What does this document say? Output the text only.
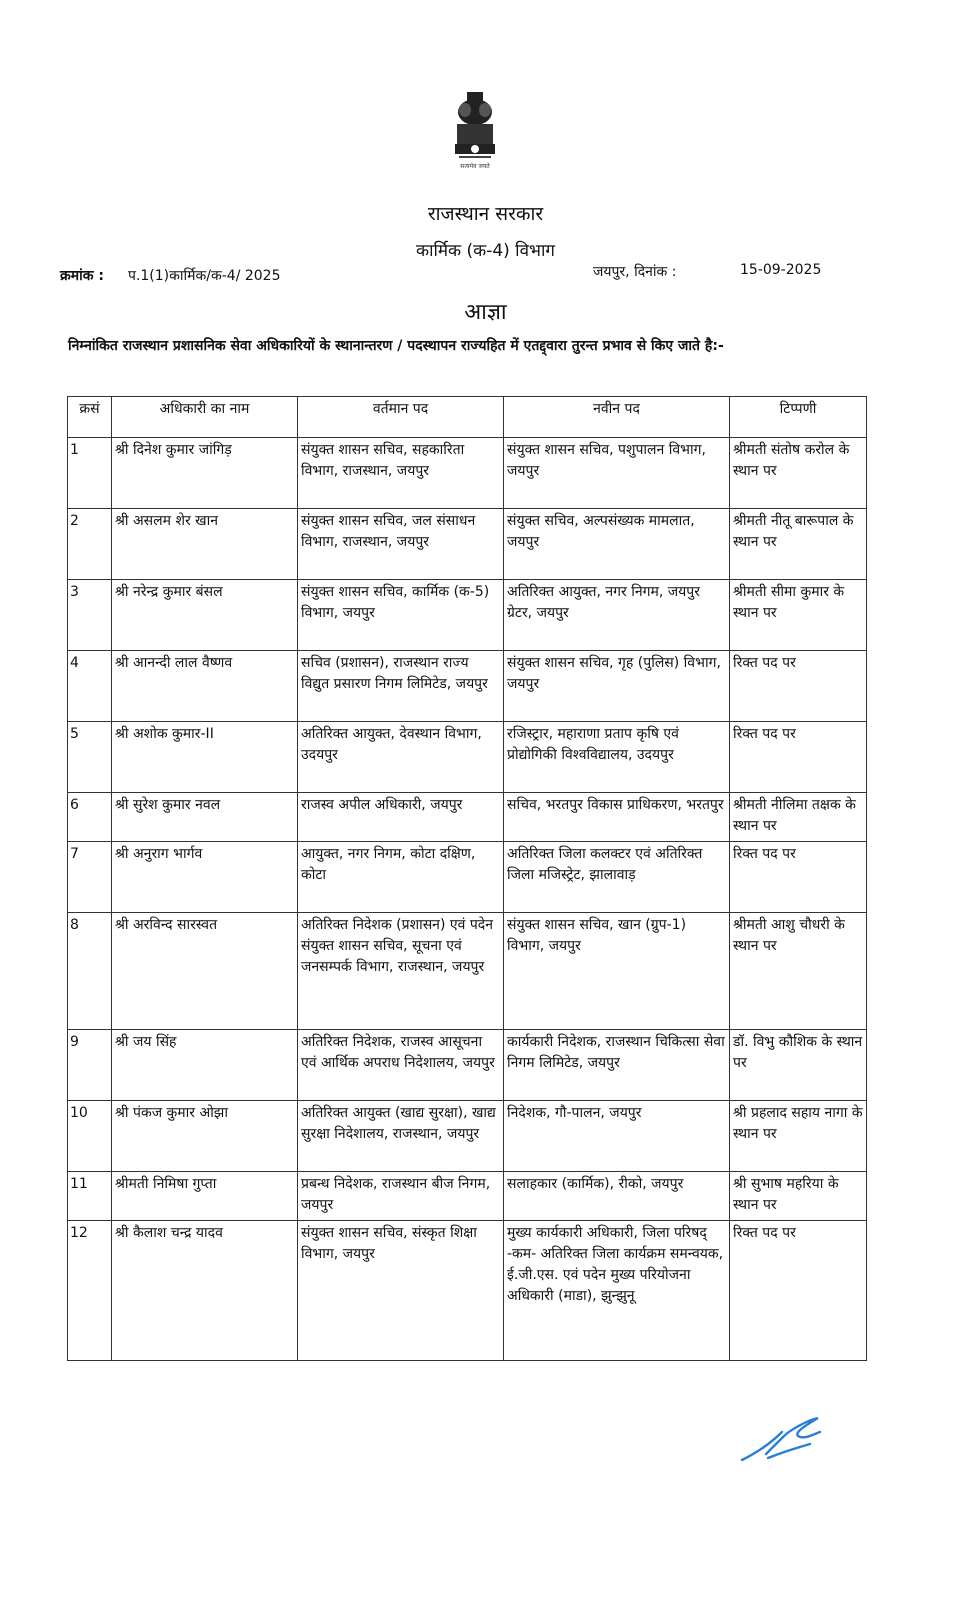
सत्यमेव जयते
राजस्थान सरकार
कार्मिक (क-4) विभाग
क्रमांक : प.1(1)कार्मिक/क-4/ 2025	जयपुर, दिनांक :	15-09-2025
आज्ञा
निम्नांकित राजस्थान प्रशासनिक सेवा अधिकारियों के स्थानान्तरण / पदस्थापन राज्यहित में एतद्द्वारा तुरन्त प्रभाव से किए जाते है:-
क्रसं	अधिकारी का नाम	वर्तमान पद	नवीन पद	टिप्पणी
1	श्री दिनेश कुमार जांगिड़	संयुक्त शासन सचिव, सहकारिता विभाग, राजस्थान, जयपुर	संयुक्त शासन सचिव, पशुपालन विभाग, जयपुर	श्रीमती संतोष करोल के स्थान पर
2	श्री असलम शेर खान	संयुक्त शासन सचिव, जल संसाधन विभाग, राजस्थान, जयपुर	संयुक्त सचिव, अल्पसंख्यक मामलात, जयपुर	श्रीमती नीतू बारूपाल के स्थान पर
3	श्री नरेन्द्र कुमार बंसल	संयुक्त शासन सचिव, कार्मिक (क-5) विभाग, जयपुर	अतिरिक्त आयुक्त, नगर निगम, जयपुर ग्रेटर, जयपुर	श्रीमती सीमा कुमार के स्थान पर
4	श्री आनन्दी लाल वैष्णव	सचिव (प्रशासन), राजस्थान राज्य विद्युत प्रसारण निगम लिमिटेड, जयपुर	संयुक्त शासन सचिव, गृह (पुलिस) विभाग, जयपुर	रिक्त पद पर
5	श्री अशोक कुमार-II	अतिरिक्त आयुक्त, देवस्थान विभाग, उदयपुर	रजिस्ट्रार, महाराणा प्रताप कृषि एवं प्रोद्योगिकी विश्वविद्यालय, उदयपुर	रिक्त पद पर
6	श्री सुरेश कुमार नवल	राजस्व अपील अधिकारी, जयपुर	सचिव, भरतपुर विकास प्राधिकरण, भरतपुर	श्रीमती नीलिमा तक्षक के स्थान पर
7	श्री अनुराग भार्गव	आयुक्त, नगर निगम, कोटा दक्षिण, कोटा	अतिरिक्त जिला कलक्टर एवं अतिरिक्त जिला मजिस्ट्रेट, झालावाड़	रिक्त पद पर
8	श्री अरविन्द सारस्वत	अतिरिक्त निदेशक (प्रशासन) एवं पदेन संयुक्त शासन सचिव, सूचना एवं जनसम्पर्क विभाग, राजस्थान, जयपुर	संयुक्त शासन सचिव, खान (ग्रुप-1) विभाग, जयपुर	श्रीमती आशु चौधरी के स्थान पर
9	श्री जय सिंह	अतिरिक्त निदेशक, राजस्व आसूचना एवं आर्थिक अपराध निदेशालय, जयपुर	कार्यकारी निदेशक, राजस्थान चिकित्सा सेवा निगम लिमिटेड, जयपुर	डॉ. विभु कौशिक के स्थान पर
10	श्री पंकज कुमार ओझा	अतिरिक्त आयुक्त (खाद्य सुरक्षा), खाद्य सुरक्षा निदेशालय, राजस्थान, जयपुर	निदेशक, गौ-पालन, जयपुर	श्री प्रहलाद सहाय नागा के स्थान पर
11	श्रीमती निमिषा गुप्ता	प्रबन्ध निदेशक, राजस्थान बीज निगम, जयपुर	सलाहकार (कार्मिक), रीको, जयपुर	श्री सुभाष महरिया के स्थान पर
12	श्री कैलाश चन्द्र यादव	संयुक्त शासन सचिव, संस्कृत शिक्षा विभाग, जयपुर	मुख्य कार्यकारी अधिकारी, जिला परिषद् -कम- अतिरिक्त जिला कार्यक्रम समन्वयक, ई.जी.एस. एवं पदेन मुख्य परियोजना अधिकारी (माडा), झुन्झुनू	रिक्त पद पर
